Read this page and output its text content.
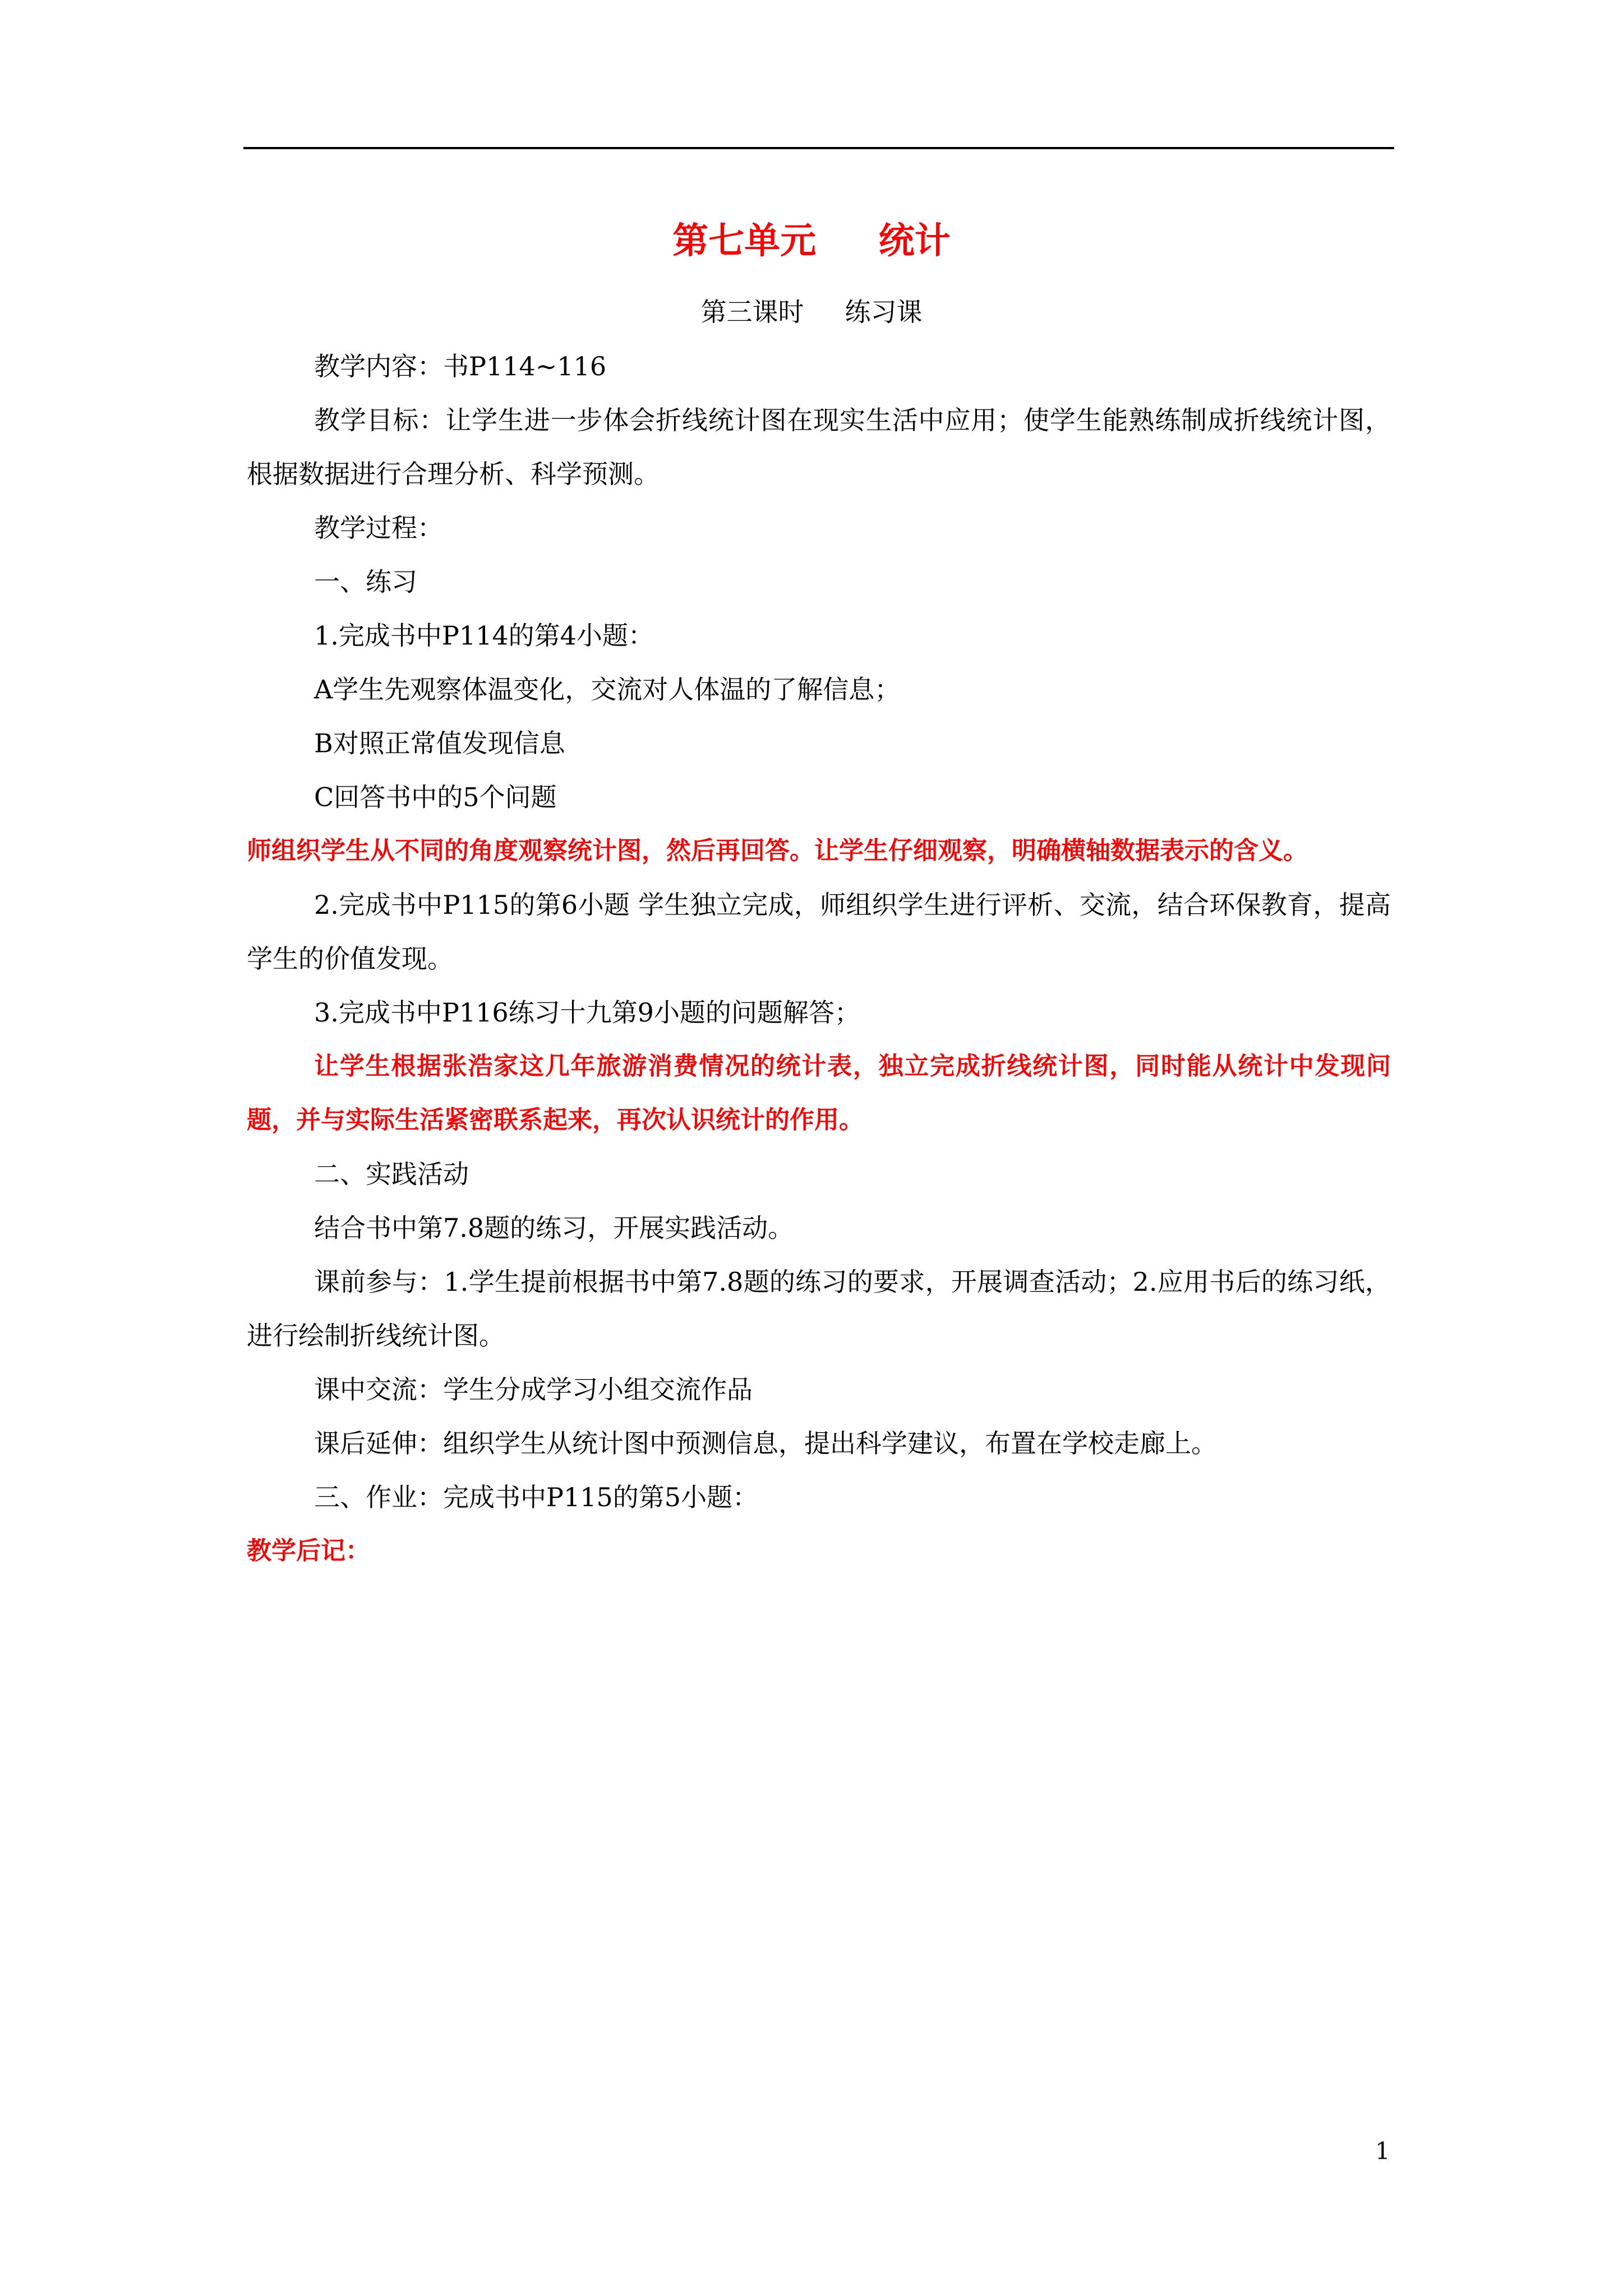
第七单元     统计
第三课时     练习课

教学内容：书P114~116

教学目标：让学生进一步体会折线统计图在现实生活中应用；使学生能熟练制成折线统计图，根据数据进行合理分析、科学预测。

教学过程：

一、练习

1.完成书中P114的第4小题：

A学生先观察体温变化，交流对人体温的了解信息；

B对照正常值发现信息

C回答书中的5个问题

师组织学生从不同的角度观察统计图，然后再回答。让学生仔细观察，明确横轴数据表示的含义。

2.完成书中P115的第6小题 学生独立完成，师组织学生进行评析、交流，结合环保教育，提高学生的价值发现。

3.完成书中P116练习十九第9小题的问题解答；

让学生根据张浩家这几年旅游消费情况的统计表，独立完成折线统计图，同时能从统计中发现问题，并与实际生活紧密联系起来，再次认识统计的作用。

二、实践活动

结合书中第7.8题的练习，开展实践活动。

课前参与：1.学生提前根据书中第7.8题的练习的要求，开展调查活动；2.应用书后的练习纸，进行绘制折线统计图。

课中交流：学生分成学习小组交流作品

课后延伸：组织学生从统计图中预测信息，提出科学建议，布置在学校走廊上。

三、作业：完成书中P115的第5小题：

教学后记：

1
